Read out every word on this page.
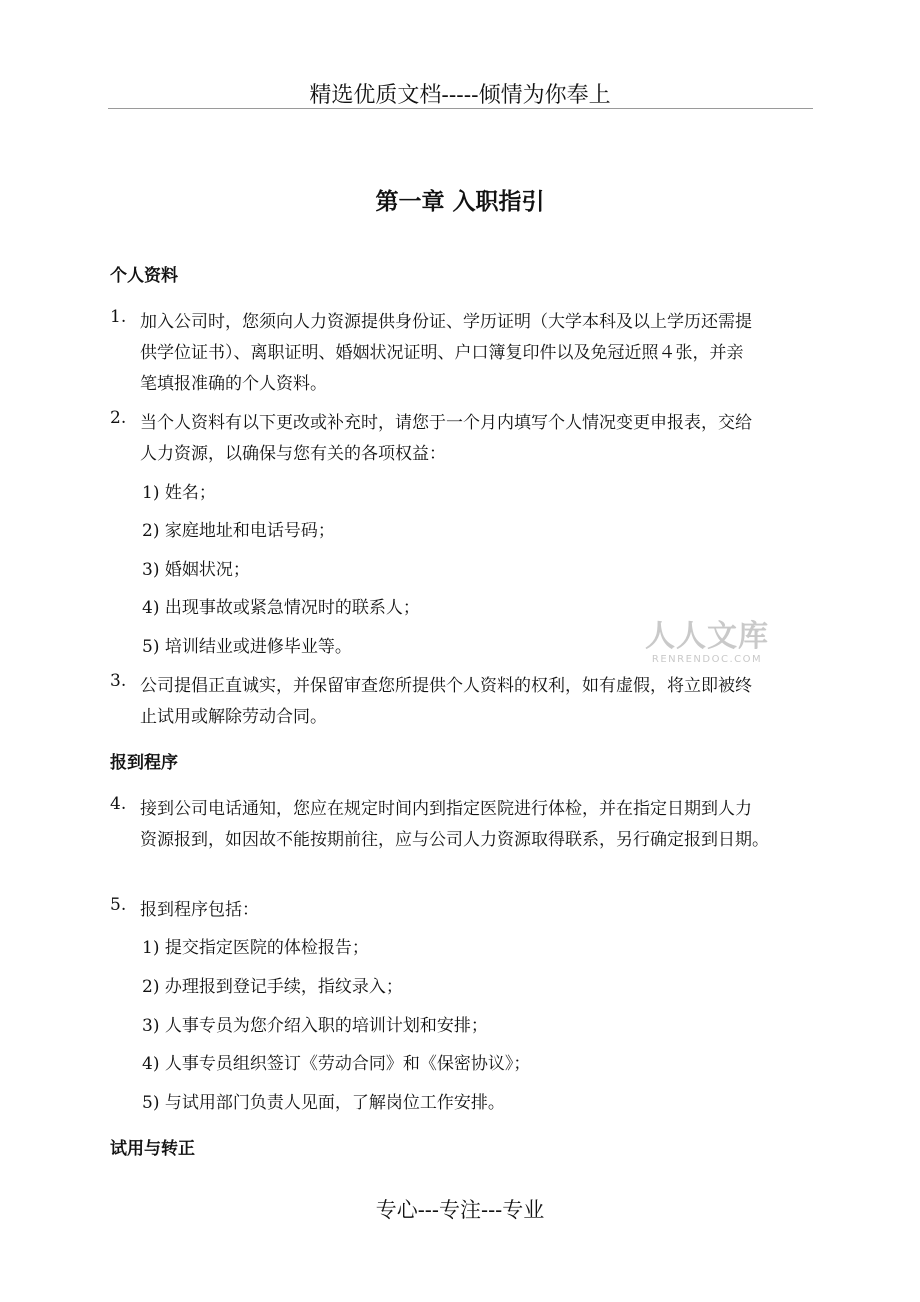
精选优质文档-----倾情为你奉上
第一章 入职指引
个人资料
1. 加入公司时，您须向人力资源提供身份证、学历证明（大学本科及以上学历还需提
供学位证书）、离职证明、婚姻状况证明、户口簿复印件以及免冠近照４张，并亲
笔填报准确的个人资料。
2. 当个人资料有以下更改或补充时，请您于一个月内填写个人情况变更申报表，交给
人力资源，以确保与您有关的各项权益：
1) 姓名；
2) 家庭地址和电话号码；
3) 婚姻状况；
4) 出现事故或紧急情况时的联系人；
5) 培训结业或进修毕业等。	人人文库
RENRENDOC.COM
3. 公司提倡正直诚实，并保留审查您所提供个人资料的权利，如有虚假，将立即被终
止试用或解除劳动合同。
报到程序
4. 接到公司电话通知，您应在规定时间内到指定医院进行体检，并在指定日期到人力
资源报到，如因故不能按期前往，应与公司人力资源取得联系，另行确定报到日期。
5. 报到程序包括：
1) 提交指定医院的体检报告；
2) 办理报到登记手续，指纹录入；
3) 人事专员为您介绍入职的培训计划和安排；
4) 人事专员组织签订《劳动合同》和《保密协议》；
5) 与试用部门负责人见面，了解岗位工作安排。
试用与转正
专心---专注---专业
